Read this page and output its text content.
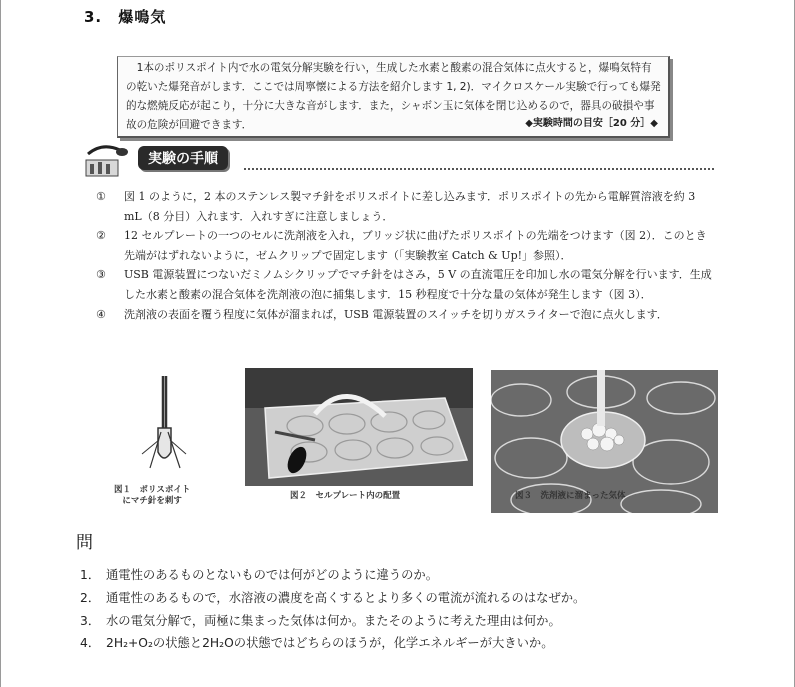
3. 爆鳴気

1本のポリスポイト内で水の電気分解実験を行い，生成した水素と酸素の混合気体に点火すると，爆鳴気特有の乾いた爆発音がします．ここでは周寧懐による方法を紹介します 1, 2)．マイクロスケール実験で行っても爆発的な燃焼反応が起こり，十分に大きな音がします．また，シャボン玉に気体を閉じ込めるので，器具の破損や事故の危険が回避できます．	◆実験時間の目安［20 分］◆
実験の手順
①	図 1 のように，2 本のステンレス製マチ針をポリスポイトに差し込みます．ポリスポイトの先から電解質溶液を約 3 mL（8 分目）入れます．入れすぎに注意しましょう．
②	12 セルプレートの一つのセルに洗剤液を入れ，ブリッジ状に曲げたポリスポイトの先端をつけます（図 2）．このとき先端がはずれないように，ゼムクリップで固定します（「実験教室 Catch & Up!」参照）．
③	USB 電源装置につないだミノムシクリップでマチ針をはさみ，5 V の直流電圧を印加し水の電気分解を行います．生成した水素と酸素の混合気体を洗剤液の泡に捕集します．15 秒程度で十分な量の気体が発生します（図 3）．
④	洗剤液の表面を覆う程度に気体が溜まれば，USB 電源装置のスイッチを切りガスライターで泡に点火します．
図１　ポリスポイト
にマチ針を刺す	図２　セルプレート内の配置	図３　洗剤液に溜まった気体
問
1． 通電性のあるものとないものでは何がどのように違うのか。
2． 通電性のあるもので，水溶液の濃度を高くするとより多くの電流が流れるのはなぜか。
3． 水の電気分解で，両極に集まった気体は何か。またそのように考えた理由は何か。
4． 2H₂+O₂の状態と2H₂Oの状態ではどちらのほうが，化学エネルギーが大きいか。
